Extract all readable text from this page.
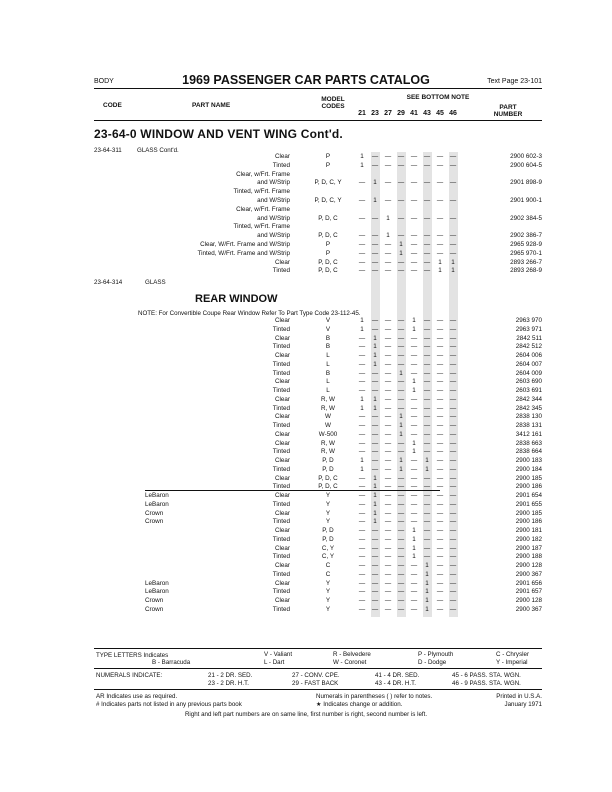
BODY	1969 PASSENGER CAR PARTS CATALOG	Text Page 23-101
CODE	PART NAME
MODEL CODES
SEE BOTTOM NOTE
PART NUMBER
21 23 27 29 41 43 45 46
23-64-0 WINDOW AND VENT WING Cont'd.
23-64-311 GLASS Cont'd.
Clear	P	1	— — — — — — —	2900 602-3
Tinted	P	1	— — — — — — —	2900 604-5
Clear, w/Frt. Frame
and W/Strip	P, D, C, Y	—	1	— — — — — —	2901 898-9
Tinted, w/Frt. Frame
and W/Strip	P, D, C, Y	—	1	— — — — — —	2901 900-1
Clear, w/Frt. Frame
and W/Strip	P, D, C	— —	1	— — — — —	2902 384-5
Tinted, w/Frt. Frame
and W/Strip	P, D, C	— —	1	— — — — —	2902 386-7
Clear, W/Frt. Frame and W/Strip	P	— — —	1	— — — —	2965 928-9
Tinted, W/Frt. Frame and W/Strip	P	— — —	1	— — — —	2965 970-1
Clear	P, D, C	— — — — — —	1	1	2893 266-7
Tinted	P, D, C	— — — — — —	1	1	2893 268-9
23-64-314	GLASS
REAR WINDOW
NOTE: For Convertible Coupe Rear Window Refer To Part Type Code 23-112-45.
Clear	V	1	— — —	1	— — —	2963 970
Tinted	V	1	— — —	1	— — —	2963 971
Clear	B	—	1	— — — — — —	2842 511
Tinted	B	—	1	— — — — — —	2842 512
Clear	L	—	1	— — — — — —	2604 006
Tinted	L	—	1	— — — — — —	2604 007
Tinted	B	— — —	1	— — — —	2604 009
Clear	L	— — — —	1	— — —	2603 690
Tinted	L	— — — —	1	— — —	2603 691
Clear	R, W	1	1	— — — — — —	2842 344
Tinted	R, W	1	1	— — — — — —	2842 345
Clear	W	— — —	1	— — — —	2838 130
Tinted	W	— — —	1	— — — —	2838 131
Clear	W-500	— — —	1	— — — —	3412 161
Clear	R, W	— — — —	1	— — —	2838 663
Tinted	R, W	— — — —	1	— — —	2838 664
Clear	P, D	1	— —	1	—	1	— —	2900 183
Tinted	P, D	1	— —	1	—	1	— —	2900 184
Clear	P, D, C	—	1	— — — — — —	2900 185
Tinted	P, D, C	—	1	— — — — — —	2900 186
LeBaron	Clear	Y	—	1	— — — — — —	2901 654
LeBaron	Tinted	Y	—	1	— — — — — —	2901 655
Crown	Clear	Y	—	1	— — — — — —	2900 185
Crown	Tinted	Y	—	1	— — — — — —	2900 186
Clear	P, D	— — — —	1	— — —	2900 181
Tinted	P, D	— — — —	1	— — —	2900 182
Clear	C, Y	— — — —	1	— — —	2900 187
Tinted	C, Y	— — — —	1	— — —	2900 188
Clear	C	— — — — —	1	— —	2900 128
Tinted	C	— — — — —	1	— —	2900 367
LeBaron	Clear	Y	— — — — —	1	— —	2901 656
LeBaron	Tinted	Y	— — — — —	1	— —	2901 657
Crown	Clear	Y	— — — — —	1	— —	2900 128
Crown	Tinted	Y	— — — — —	1	— —	2900 367
TYPE LETTERS Indicates
B - Barracuda
V - Valiant
L - Dart
R - Belvedere
W - Coronet
P - Plymouth
D - Dodge
C - Chrysler
Y - Imperial
NUMERALS INDICATE:	21 - 2 DR. SED.
23 - 2 DR. H.T.
27 - CONV. CPE.
29 - FAST BACK
41 - 4 DR. SED.
43 - 4 DR. H.T.
45 - 6 PASS. STA. WGN.
46 - 9 PASS. STA. WGN.
AR Indicates use as required.
# Indicates parts not listed in any previous parts book
Numerals in parentheses ( ) refer to notes.
★ Indicates change or addition.
Printed in U.S.A.
January 1971
Right and left part numbers are on same line, first number is right, second number is left.
